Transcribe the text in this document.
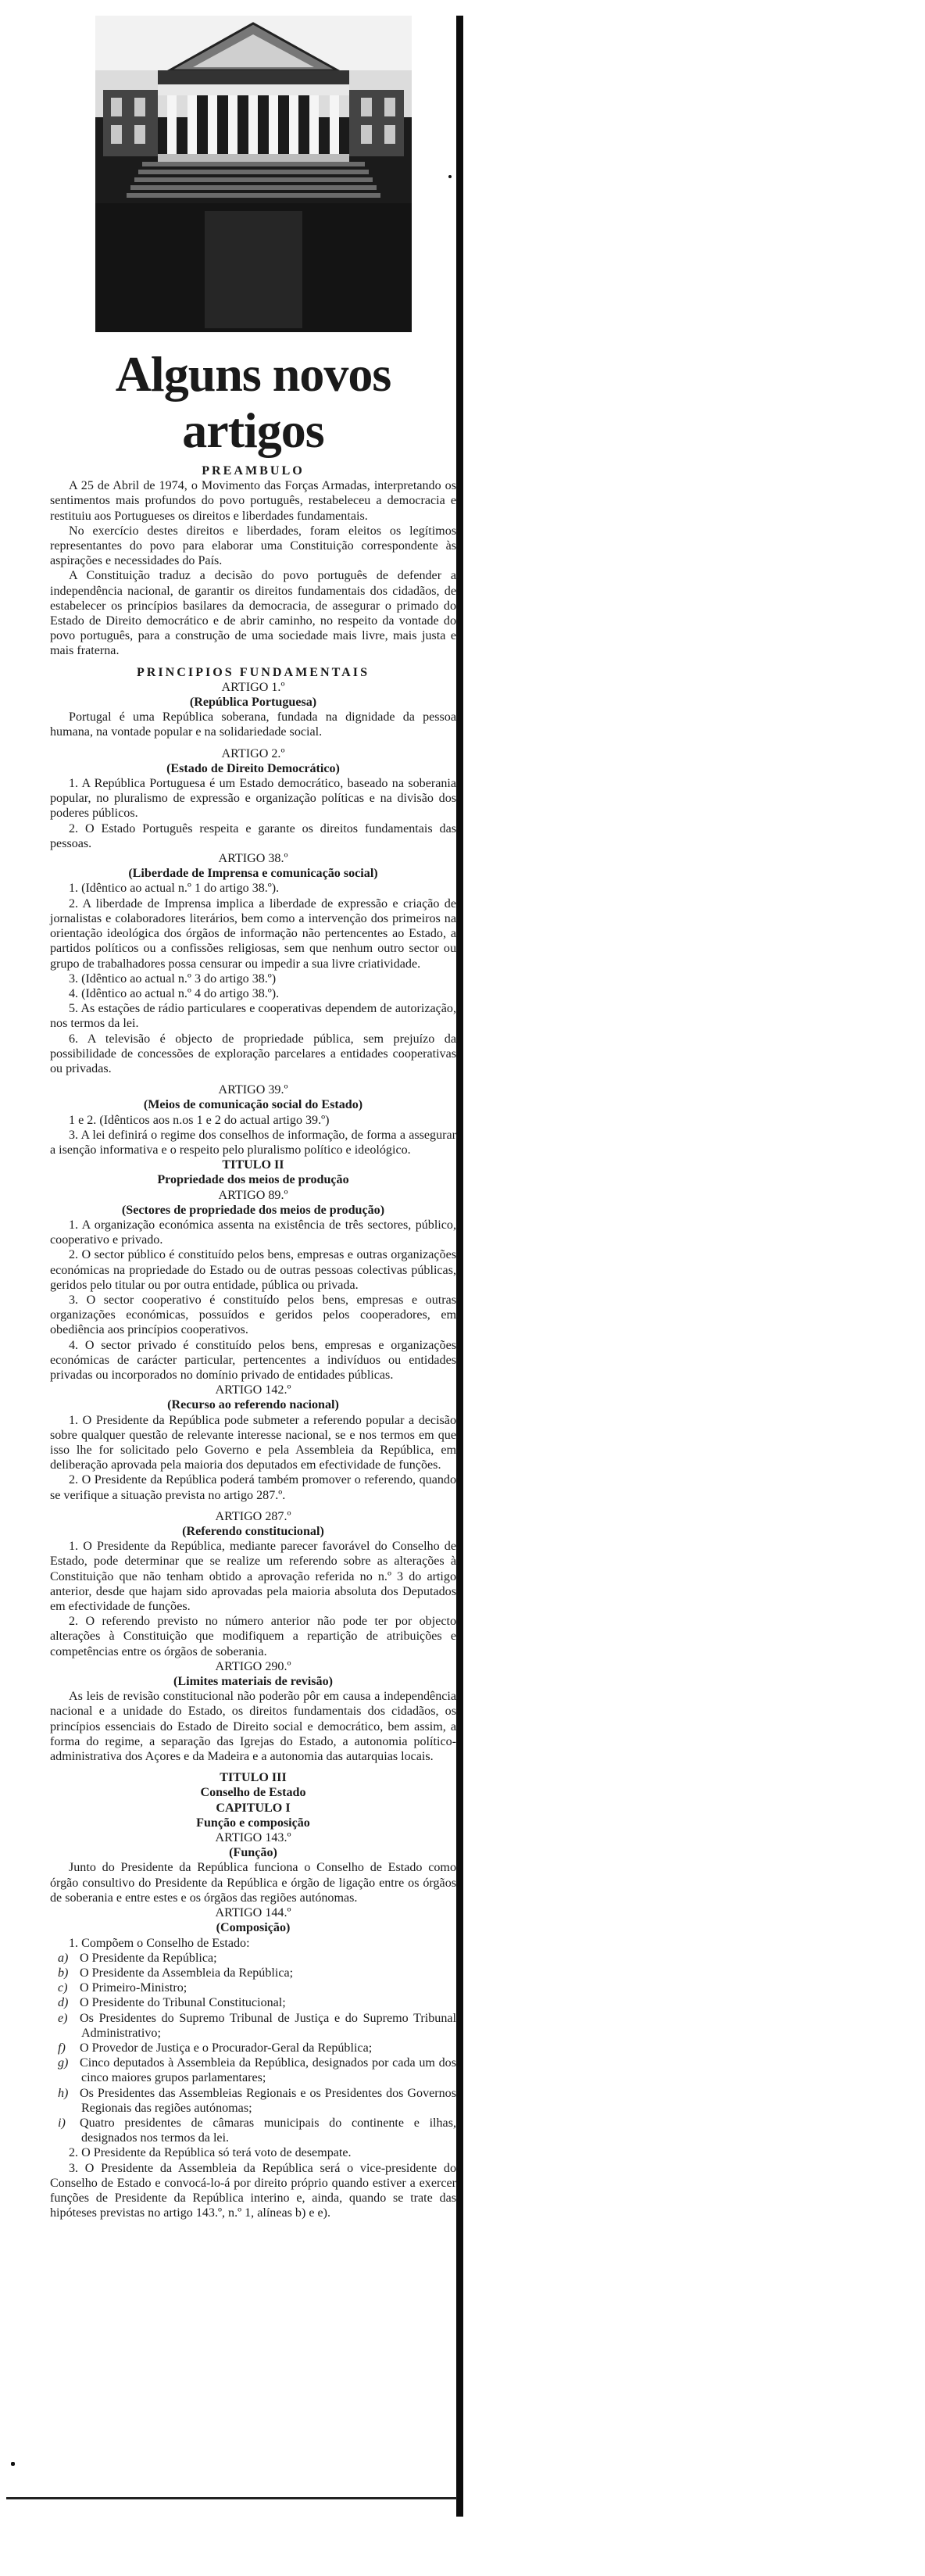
Alguns novos artigos

PREAMBULO

A 25 de Abril de 1974, o Movimento das Forças Armadas, interpretando os sentimentos mais profundos do povo português, restabeleceu a democracia e restituiu aos Portugueses os direitos e liberdades fundamentais.

No exercício destes direitos e liberdades, foram eleitos os legítimos representantes do povo para elaborar uma Constituição correspondente às aspirações e necessidades do País.

A Constituição traduz a decisão do povo português de defender a independência nacional, de garantir os direitos fundamentais dos cidadãos, de estabelecer os princípios basilares da democracia, de assegurar o primado do Estado de Direito democrático e de abrir caminho, no respeito da vontade do povo português, para a construção de uma sociedade mais livre, mais justa e mais fraterna.

PRINCIPIOS FUNDAMENTAIS

ARTIGO 1.º

(República Portuguesa)

Portugal é uma República soberana, fundada na dignidade da pessoa humana, na vontade popular e na solidariedade social.

ARTIGO 2.º

(Estado de Direito Democrático)

1. A República Portuguesa é um Estado democrático, baseado na soberania popular, no pluralismo de expressão e organização políticas e na divisão dos poderes públicos.

2. O Estado Português respeita e garante os direitos fundamentais das pessoas.

ARTIGO 38.º

(Liberdade de Imprensa e comunicação social)

1. (Idêntico ao actual n.º 1 do artigo 38.º).

2. A liberdade de Imprensa implica a liberdade de expressão e criação de jornalistas e colaboradores literários, bem como a intervenção dos primeiros na orientação ideológica dos órgãos de informação não pertencentes ao Estado, a partidos políticos ou a confissões religiosas, sem que nenhum outro sector ou grupo de trabalhadores possa censurar ou impedir a sua livre criatividade.

3. (Idêntico ao actual n.º 3 do artigo 38.º)

4. (Idêntico ao actual n.º 4 do artigo 38.º).

5. As estações de rádio particulares e cooperativas dependem de autorização, nos termos da lei.

6. A televisão é objecto de propriedade pública, sem prejuízo da possibilidade de concessões de exploração parcelares a entidades cooperativas ou privadas.

ARTIGO 39.º

(Meios de comunicação social do Estado)

1 e 2. (Idênticos aos n.os 1 e 2 do actual artigo 39.º)

3. A lei definirá o regime dos conselhos de informação, de forma a assegurar a isenção informativa e o respeito pelo pluralismo político e ideológico.

TITULO II

Propriedade dos meios de produção

ARTIGO 89.º

(Sectores de propriedade dos meios de produção)

1. A organização económica assenta na existência de três sectores, público, cooperativo e privado.

2. O sector público é constituído pelos bens, empresas e outras organizações económicas na propriedade do Estado ou de outras pessoas colectivas públicas, geridos pelo titular ou por outra entidade, pública ou privada.

3. O sector cooperativo é constituído pelos bens, empresas e outras organizações económicas, possuídos e geridos pelos cooperadores, em obediência aos princípios cooperativos.

4. O sector privado é constituído pelos bens, empresas e organizações económicas de carácter particular, pertencentes a indivíduos ou entidades privadas ou incorporados no domínio privado de entidades públicas.

ARTIGO 142.º

(Recurso ao referendo nacional)

1. O Presidente da República pode submeter a referendo popular a decisão sobre qualquer questão de relevante interesse nacional, se e nos termos em que isso lhe for solicitado pelo Governo e pela Assembleia da República, em deliberação aprovada pela maioria dos deputados em efectividade de funções.

2. O Presidente da República poderá também promover o referendo, quando se verifique a situação prevista no artigo 287.º.

ARTIGO 287.º

(Referendo constitucional)

1. O Presidente da República, mediante parecer favorável do Conselho de Estado, pode determinar que se realize um referendo sobre as alterações à Constituição que não tenham obtido a aprovação referida no n.º 3 do artigo anterior, desde que hajam sido aprovadas pela maioria absoluta dos Deputados em efectividade de funções.

2. O referendo previsto no número anterior não pode ter por objecto alterações à Constituição que modifiquem a repartição de atribuições e competências entre os órgãos de soberania.

ARTIGO 290.º

(Limites materiais de revisão)

As leis de revisão constitucional não poderão pôr em causa a independência nacional e a unidade do Estado, os direitos fundamentais dos cidadãos, os princípios essenciais do Estado de Direito social e democrático, bem assim, a forma do regime, a separação das Igrejas do Estado, a autonomia político-administrativa dos Açores e da Madeira e a autonomia das autarquias locais.

TITULO III

Conselho de Estado

CAPITULO I

Função e composição

ARTIGO 143.º

(Função)

Junto do Presidente da República funciona o Conselho de Estado como órgão consultivo do Presidente da República e órgão de ligação entre os órgãos de soberania e entre estes e os órgãos das regiões autónomas.

ARTIGO 144.º

(Composição)

1. Compõem o Conselho de Estado:

a) O Presidente da República;

b) O Presidente da Assembleia da República;

c) O Primeiro-Ministro;

d) O Presidente do Tribunal Constitucional;

e) Os Presidentes do Supremo Tribunal de Justiça e do Supremo Tribunal Administrativo;

f) O Provedor de Justiça e o Procurador-Geral da República;

g) Cinco deputados à Assembleia da República, designados por cada um dos cinco maiores grupos parlamentares;

h) Os Presidentes das Assembleias Regionais e os Presidentes dos Governos Regionais das regiões autónomas;

i) Quatro presidentes de câmaras municipais do continente e ilhas, designados nos termos da lei.

2. O Presidente da República só terá voto de desempate.

3. O Presidente da Assembleia da República será o vice-presidente do Conselho de Estado e convocá-lo-á por direito próprio quando estiver a exercer funções de Presidente da República interino e, ainda, quando se trate das hipóteses previstas no artigo 143.º, n.º 1, alíneas b) e e).
